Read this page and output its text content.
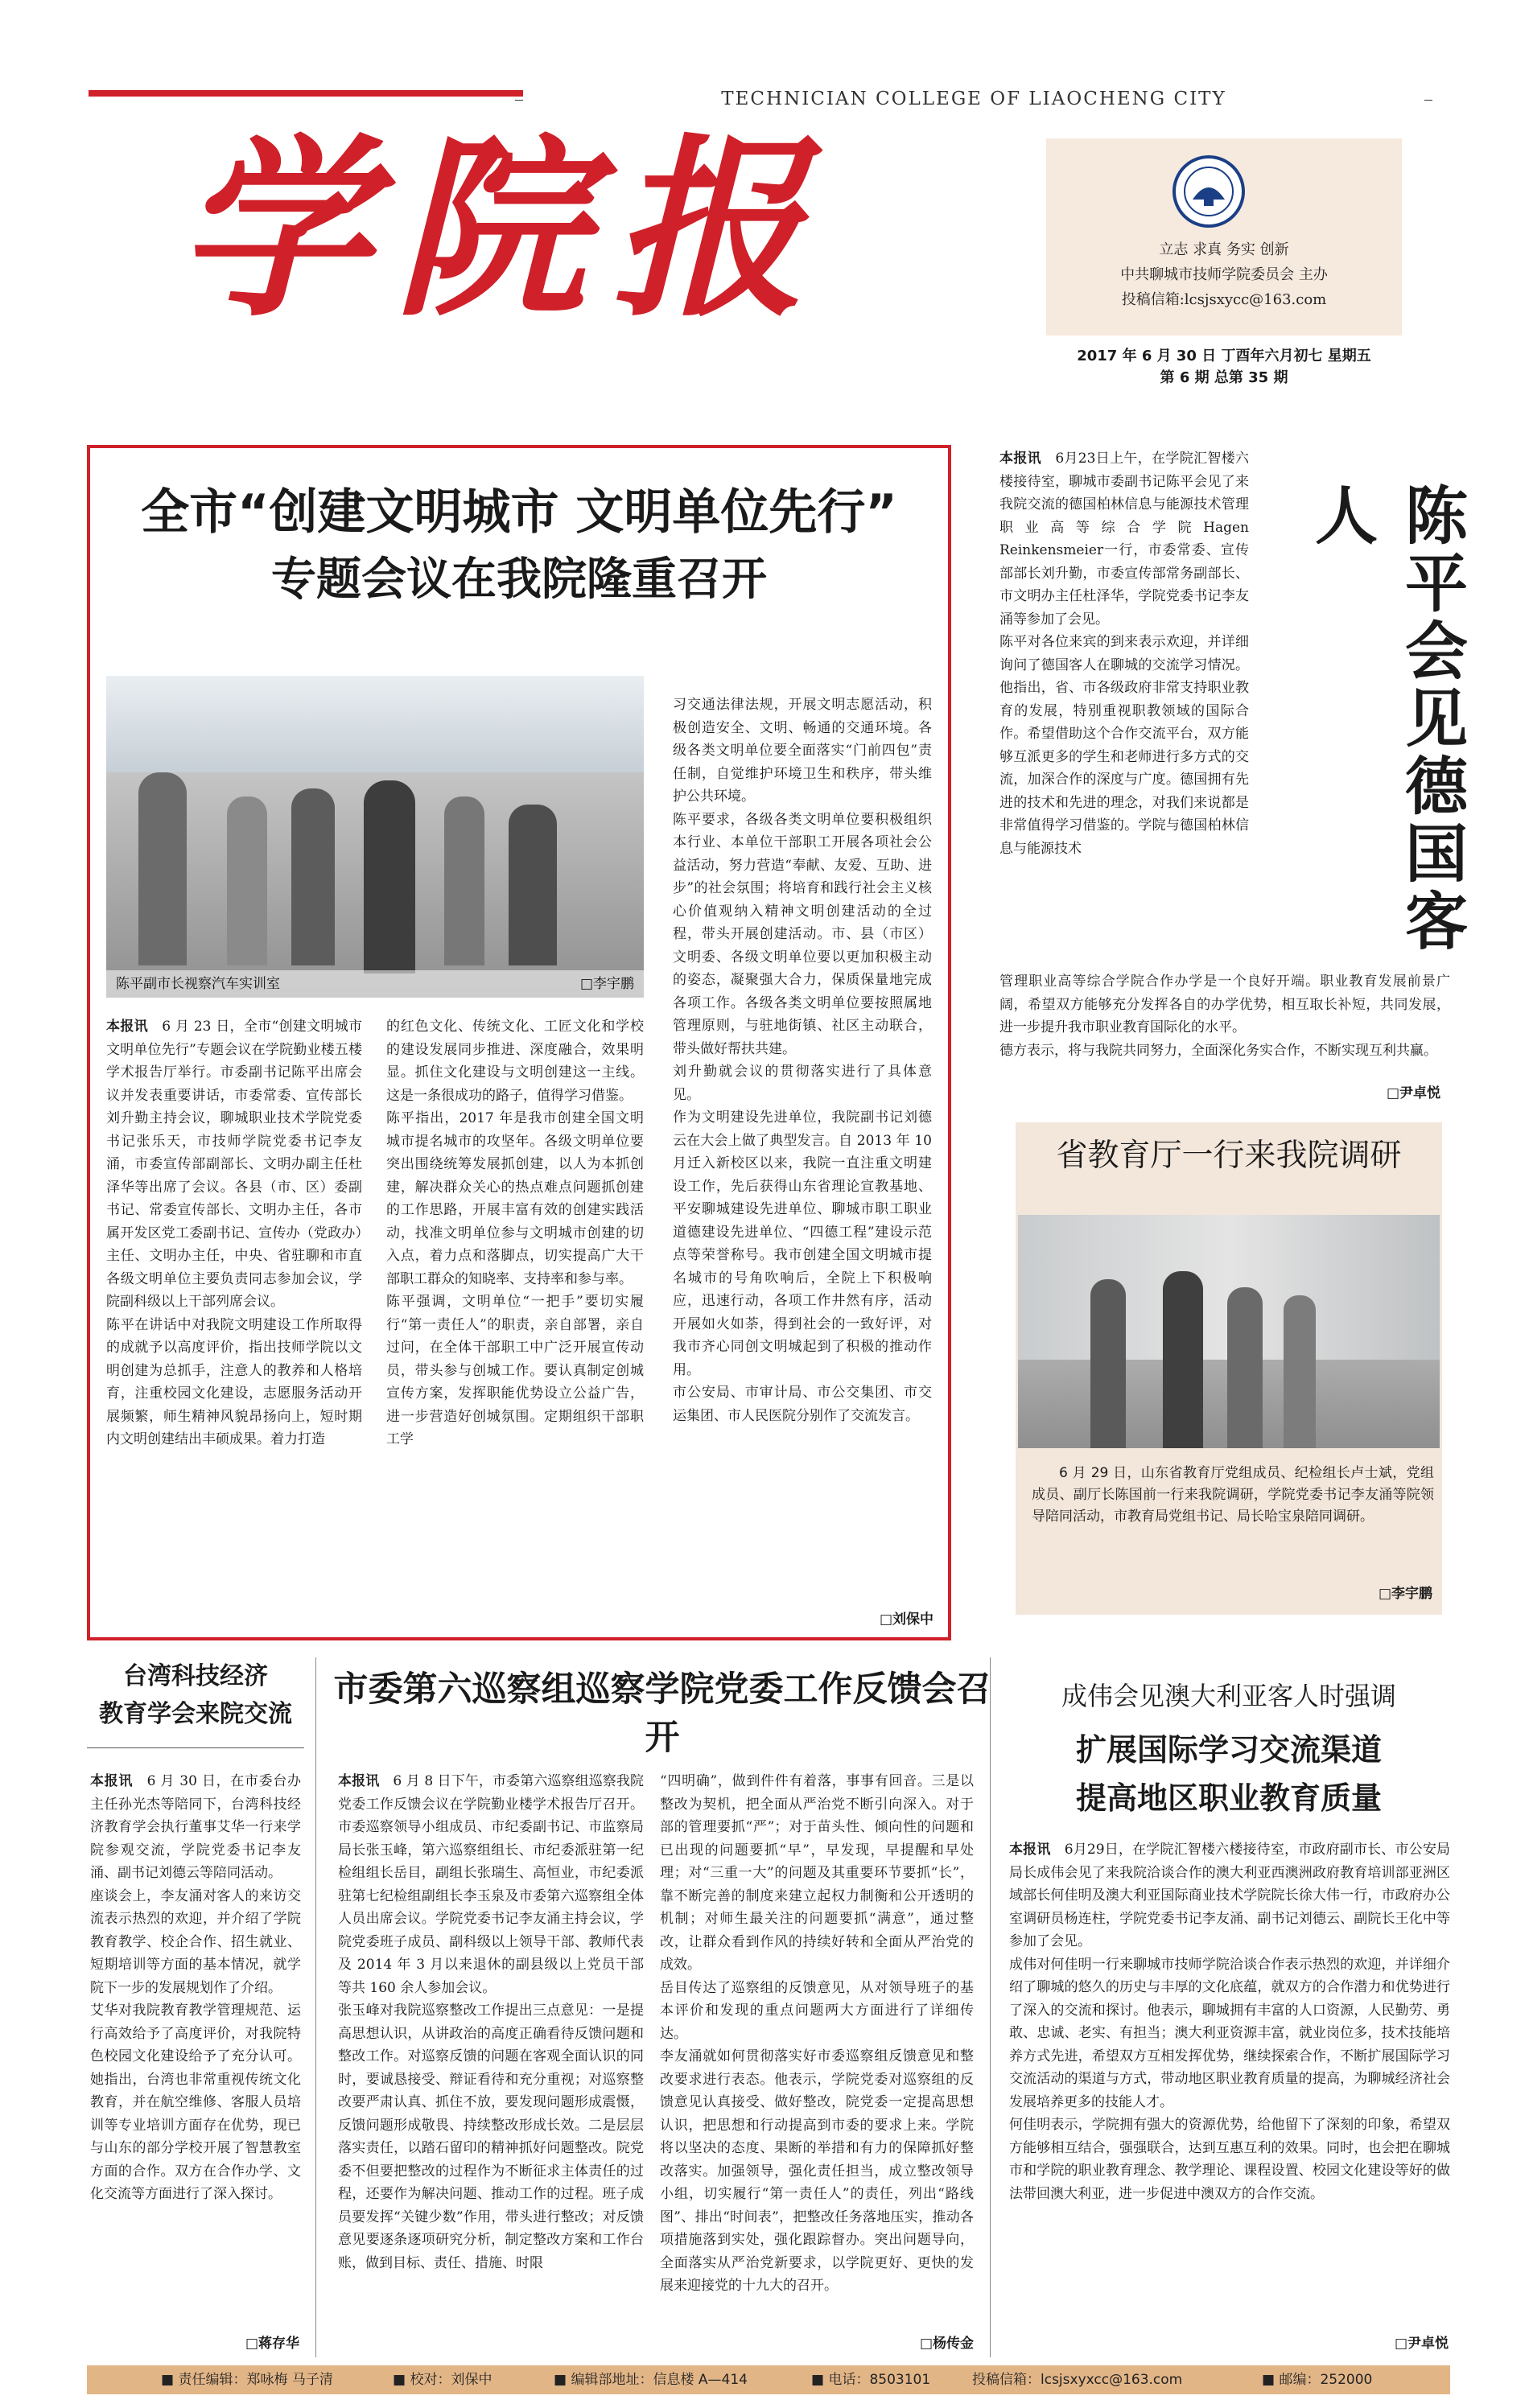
TECHNICIAN COLLEGE OF LIAOCHENG CITY
学院报	立志 求真 务实 创新
中共聊城市技师学院委员会 主办
投稿信箱:lcsjsxycc@163.com
2017 年 6 月 30 日 丁酉年六月初七 星期五
第 6 期 总第 35 期
全市“创建文明城市 文明单位先行”
专题会议在我院隆重召开
陈平副市长视察汽车实训室	□李宇鹏

本报讯　 6 月 23 日，全市“创建文明城市 文明单位先行”专题会议在学院勤业楼五楼学术报告厅举行。市委副书记陈平出席会议并发表重要讲话，市委常委、宣传部长刘升勤主持会议，聊城职业技术学院党委书记张乐天，市技师学院党委书记李友涌，市委宣传部副部长、文明办副主任杜泽华等出席了会议。各县（市、区）委副书记、常委宣传部长、文明办主任，各市属开发区党工委副书记、宣传办（党政办）主任、文明办主任，中央、省驻聊和市直各级文明单位主要负责同志参加会议，学院副科级以上干部列席会议。
陈平在讲话中对我院文明建设工作所取得的成就予以高度评价，指出技师学院以文明创建为总抓手，注意人的教养和人格培育，注重校园文化建设，志愿服务活动开展频繁，师生精神风貌昂扬向上，短时期内文明创建结出丰硕成果。着力打造

的红色文化、传统文化、工匠文化和学校的建设发展同步推进、深度融合，效果明显。抓住文化建设与文明创建这一主线。这是一条很成功的路子，值得学习借鉴。
陈平指出，2017 年是我市创建全国文明城市提名城市的攻坚年。各级文明单位要突出围绕统筹发展抓创建，以人为本抓创建，解决群众关心的热点难点问题抓创建的工作思路，开展丰富有效的创建实践活动，找准文明单位参与文明城市创建的切入点，着力点和落脚点，切实提高广大干部职工群众的知晓率、支持率和参与率。
陈平强调，文明单位“一把手”要切实履行“第一责任人”的职责，亲自部署，亲自过问，在全体干部职工中广泛开展宣传动员，带头参与创城工作。要认真制定创城宣传方案，发挥职能优势设立公益广告，进一步营造好创城氛围。定期组织干部职工学

习交通法律法规，开展文明志愿活动，积极创造安全、文明、畅通的交通环境。各级各类文明单位要全面落实“门前四包”责任制，自觉维护环境卫生和秩序，带头维护公共环境。
陈平要求，各级各类文明单位要积极组织本行业、本单位干部职工开展各项社会公益活动，努力营造“奉献、友爱、互助、进步”的社会氛围；将培育和践行社会主义核心价值观纳入精神文明创建活动的全过程，带头开展创建活动。市、县（市区）文明委、各级文明单位要以更加积极主动的姿态，凝聚强大合力，保质保量地完成各项工作。各级各类文明单位要按照属地管理原则，与驻地街镇、社区主动联合，带头做好帮扶共建。
刘升勤就会议的贯彻落实进行了具体意见。
作为文明建设先进单位，我院副书记刘德云在大会上做了典型发言。自 2013 年 10 月迁入新校区以来，我院一直注重文明建设工作，先后获得山东省理论宣教基地、平安聊城建设先进单位、聊城市职工职业道德建设先进单位、“四德工程”建设示范点等荣誉称号。我市创建全国文明城市提名城市的号角吹响后，全院上下积极响应，迅速行动，各项工作井然有序，活动开展如火如荼，得到社会的一致好评，对我市齐心同创文明城起到了积极的推动作用。
市公安局、市审计局、市公交集团、市交运集团、市人民医院分别作了交流发言。

□刘保中
陈平会见德国客人

本报讯　 6月23日上午，在学院汇智楼六楼接待室，聊城市委副书记陈平会见了来我院交流的德国柏林信息与能源技术管理职业高等综合学院Hagen Reinkensmeier一行，市委常委、宣传部部长刘升勤，市委宣传部常务副部长、市文明办主任杜泽华，学院党委书记李友涌等参加了会见。
陈平对各位来宾的到来表示欢迎，并详细询问了德国客人在聊城的交流学习情况。他指出，省、市各级政府非常支持职业教育的发展，特别重视职教领域的国际合作。希望借助这个合作交流平台，双方能够互派更多的学生和老师进行多方式的交流，加深合作的深度与广度。德国拥有先进的技术和先进的理念，对我们来说都是非常值得学习借鉴的。学院与德国柏林信息与能源技术

管理职业高等综合学院合作办学是一个良好开端。职业教育发展前景广阔，希望双方能够充分发挥各自的办学优势，相互取长补短，共同发展，进一步提升我市职业教育国际化的水平。
德方表示，将与我院共同努力，全面深化务实合作，不断实现互利共赢。

□尹卓悦
省教育厅一行来我院调研

6 月 29 日，山东省教育厅党组成员、纪检组长卢士斌，党组成员、副厅长陈国前一行来我院调研，学院党委书记李友涌等院领导陪同活动，市教育局党组书记、局长哈宝泉陪同调研。

□李宇鹏
台湾科技经济
教育学会来院交流

本报讯　 6 月 30 日，在市委台办主任孙光杰等陪同下，台湾科技经济教育学会执行董事艾华一行来学院参观交流，学院党委书记李友涌、副书记刘德云等陪同活动。
座谈会上，李友涌对客人的来访交流表示热烈的欢迎，并介绍了学院教育教学、校企合作、招生就业、短期培训等方面的基本情况，就学院下一步的发展规划作了介绍。
艾华对我院教育教学管理规范、运行高效给予了高度评价，对我院特色校园文化建设给予了充分认可。她指出，台湾也非常重视传统文化教育，并在航空维修、客服人员培训等专业培训方面存在优势，现已与山东的部分学校开展了智慧教室方面的合作。双方在合作办学、文化交流等方面进行了深入探讨。

□蒋存华
市委第六巡察组巡察学院党委工作反馈会召开

本报讯　 6 月 8 日下午，市委第六巡察组巡察我院党委工作反馈会议在学院勤业楼学术报告厅召开。市委巡察领导小组成员、市纪委副书记、市监察局局长张玉峰，第六巡察组组长、市纪委派驻第一纪检组组长岳目，副组长张瑞生、高恒业，市纪委派驻第七纪检组副组长李玉泉及市委第六巡察组全体人员出席会议。学院党委书记李友涌主持会议，学院党委班子成员、副科级以上领导干部、教师代表及 2014 年 3 月以来退休的副县级以上党员干部等共 160 余人参加会议。
张玉峰对我院巡察整改工作提出三点意见：一是提高思想认识，从讲政治的高度正确看待反馈问题和整改工作。对巡察反馈的问题在客观全面认识的同时，要诚恳接受、辩证看待和充分重视；对巡察整改要严肃认真、抓住不放，要发现问题形成震慑，反馈问题形成敬畏、持续整改形成长效。二是层层落实责任，以踏石留印的精神抓好问题整改。院党委不但要把整改的过程作为不断征求主体责任的过程，还要作为解决问题、推动工作的过程。班子成员要发挥“关键少数”作用，带头进行整改；对反馈意见要逐条逐项研究分析，制定整改方案和工作台账，做到目标、责任、措施、时限

“四明确”，做到件件有着落，事事有回音。三是以整改为契机，把全面从严治党不断引向深入。对于部的管理要抓“严”；对于苗头性、倾向性的问题和已出现的问题要抓“早”，早发现，早提醒和早处理；对“三重一大”的问题及其重要环节要抓“长”，靠不断完善的制度来建立起权力制衡和公开透明的机制；对师生最关注的问题要抓“满意”，通过整改，让群众看到作风的持续好转和全面从严治党的成效。
岳目传达了巡察组的反馈意见，从对领导班子的基本评价和发现的重点问题两大方面进行了详细传达。
李友涌就如何贯彻落实好市委巡察组反馈意见和整改要求进行表态。他表示，学院党委对巡察组的反馈意见认真接受、做好整改，院党委一定提高思想认识，把思想和行动提高到市委的要求上来。学院将以坚决的态度、果断的举措和有力的保障抓好整改落实。加强领导，强化责任担当，成立整改领导小组，切实履行“第一责任人”的责任，列出“路线图”、排出“时间表”，把整改任务落地压实，推动各项措施落到实处，强化跟踪督办。突出问题导向，全面落实从严治党新要求，以学院更好、更快的发展来迎接党的十九大的召开。

□杨传金
成伟会见澳大利亚客人时强调
扩展国际学习交流渠道
提高地区职业教育质量

本报讯　 6月29日，在学院汇智楼六楼接待室，市政府副市长、市公安局局长成伟会见了来我院洽谈合作的澳大利亚西澳洲政府教育培训部亚洲区域部长何佳明及澳大利亚国际商业技术学院院长徐大伟一行，市政府办公室调研员杨连柱，学院党委书记李友涌、副书记刘德云、副院长王化中等参加了会见。
成伟对何佳明一行来聊城市技师学院洽谈合作表示热烈的欢迎，并详细介绍了聊城的悠久的历史与丰厚的文化底蕴，就双方的合作潜力和优势进行了深入的交流和探讨。他表示，聊城拥有丰富的人口资源，人民勤劳、勇敢、忠诚、老实、有担当；澳大利亚资源丰富，就业岗位多，技术技能培养方式先进，希望双方互相发挥优势，继续探索合作，不断扩展国际学习交流活动的渠道与方式，带动地区职业教育质量的提高，为聊城经济社会发展培养更多的技能人才。
何佳明表示，学院拥有强大的资源优势，给他留下了深刻的印象，希望双方能够相互结合，强强联合，达到互惠互利的效果。同时，也会把在聊城市和学院的职业教育理念、教学理论、课程设置、校园文化建设等好的做法带回澳大利亚，进一步促进中澳双方的合作交流。

□尹卓悦
■ 责任编辑：郑咏梅 马子清	■ 校对：刘保中	■ 编辑部地址：信息楼 A—414	■ 电话：8503101	投稿信箱：lcsjsxyxcc@163.com	■ 邮编：252000
